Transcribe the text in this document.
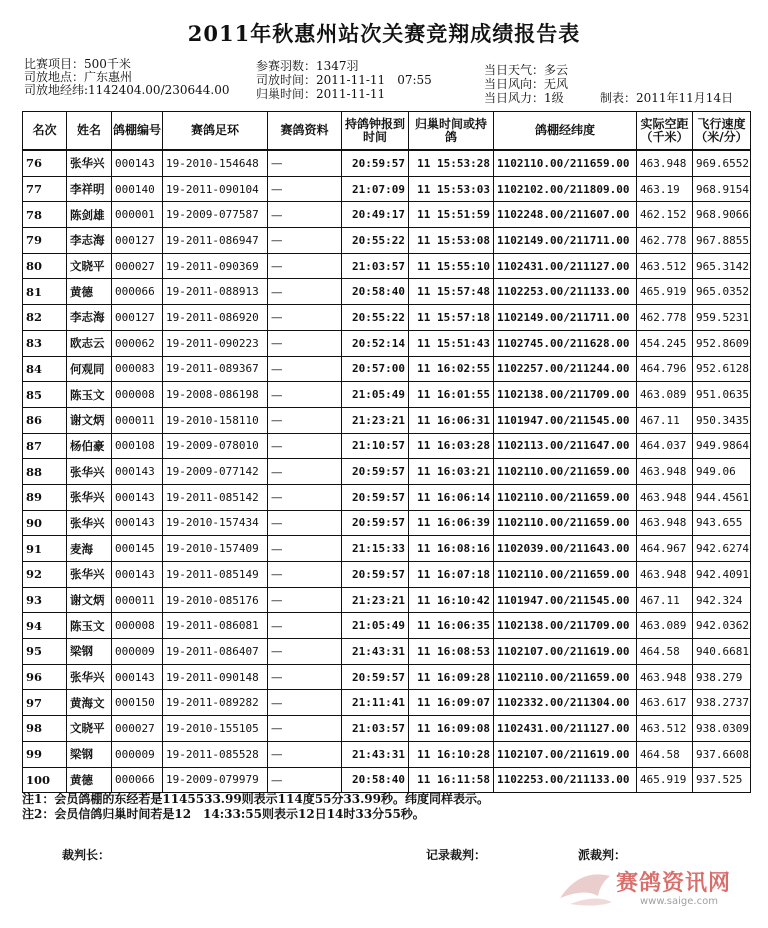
2011年秋惠州站次关赛竞翔成绩报告表
比赛项目：500千米
司放地点：广东惠州
司放地经纬:1142404.00/230644.00
参赛羽数：1347羽
司放时间：2011-11-11　07:55
归巢时间：2011-11-11
当日天气：多云
当日风向：无风
当日风力：1级	制表：2011年11月14日
名次	姓名	鸽棚编号	赛鸽足环	赛鸽资料	持鸽钟报到时间	归巢时间或持鸽	鸽棚经纬度	实际空距（千米）	飞行速度（米/分）
76	张华兴	000143	19-2010-154648	—	20:59:57	11 15:53:28	1102110.00/211659.00	463.948	969.6552
77	李祥明	000140	19-2011-090104	—	21:07:09	11 15:53:03	1102102.00/211809.00	463.19	968.9154
78	陈剑雄	000001	19-2009-077587	—	20:49:17	11 15:51:59	1102248.00/211607.00	462.152	968.9066
79	李志海	000127	19-2011-086947	—	20:55:22	11 15:53:08	1102149.00/211711.00	462.778	967.8855
80	文晓平	000027	19-2011-090369	—	21:03:57	11 15:55:10	1102431.00/211127.00	463.512	965.3142
81	黄德	000066	19-2011-088913	—	20:58:40	11 15:57:48	1102253.00/211133.00	465.919	965.0352
82	李志海	000127	19-2011-086920	—	20:55:22	11 15:57:18	1102149.00/211711.00	462.778	959.5231
83	欧志云	000062	19-2011-090223	—	20:52:14	11 15:51:43	1102745.00/211628.00	454.245	952.8609
84	何观同	000083	19-2011-089367	—	20:57:00	11 16:02:55	1102257.00/211244.00	464.796	952.6128
85	陈玉文	000008	19-2008-086198	—	21:05:49	11 16:01:55	1102138.00/211709.00	463.089	951.0635
86	谢文炳	000011	19-2010-158110	—	21:23:21	11 16:06:31	1101947.00/211545.00	467.11	950.3435
87	杨伯豪	000108	19-2009-078010	—	21:10:57	11 16:03:28	1102113.00/211647.00	464.037	949.9864
88	张华兴	000143	19-2009-077142	—	20:59:57	11 16:03:21	1102110.00/211659.00	463.948	949.06
89	张华兴	000143	19-2011-085142	—	20:59:57	11 16:06:14	1102110.00/211659.00	463.948	944.4561
90	张华兴	000143	19-2010-157434	—	20:59:57	11 16:06:39	1102110.00/211659.00	463.948	943.655
91	麦海	000145	19-2010-157409	—	21:15:33	11 16:08:16	1102039.00/211643.00	464.967	942.6274
92	张华兴	000143	19-2011-085149	—	20:59:57	11 16:07:18	1102110.00/211659.00	463.948	942.4091
93	谢文炳	000011	19-2010-085176	—	21:23:21	11 16:10:42	1101947.00/211545.00	467.11	942.324
94	陈玉文	000008	19-2011-086081	—	21:05:49	11 16:06:35	1102138.00/211709.00	463.089	942.0362
95	梁钢	000009	19-2011-086407	—	21:43:31	11 16:08:53	1102107.00/211619.00	464.58	940.6681
96	张华兴	000143	19-2011-090148	—	20:59:57	11 16:09:28	1102110.00/211659.00	463.948	938.279
97	黄海文	000150	19-2011-089282	—	21:11:41	11 16:09:07	1102332.00/211304.00	463.617	938.2737
98	文晓平	000027	19-2010-155105	—	21:03:57	11 16:09:08	1102431.00/211127.00	463.512	938.0309
99	梁钢	000009	19-2011-085528	—	21:43:31	11 16:10:28	1102107.00/211619.00	464.58	937.6608
100	黄德	000066	19-2009-079979	—	20:58:40	11 16:11:58	1102253.00/211133.00	465.919	937.525
注1：会员鸽棚的东经若是1145533.99则表示114度55分33.99秒。纬度同样表示。
注2：会员信鸽归巢时间若是12　14:33:55则表示12日14时33分55秒。
裁判长：	记录裁判：	派裁判：
赛鸽资讯网
www.saige.com
